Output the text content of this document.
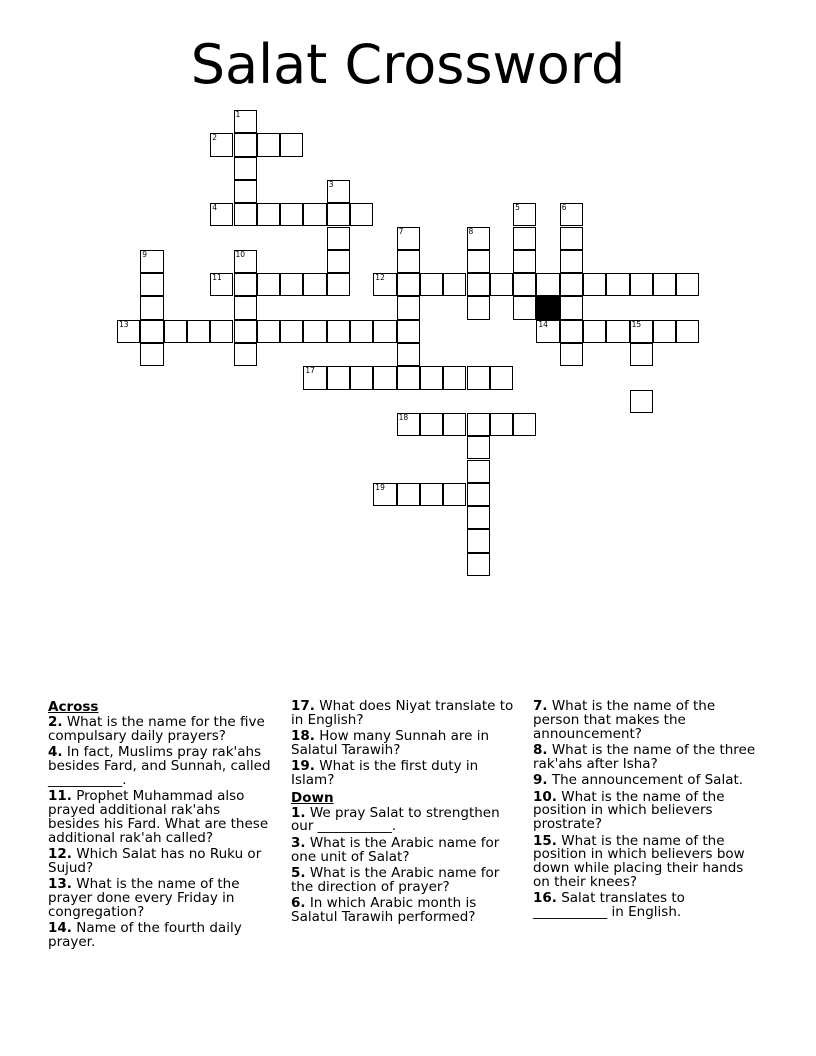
Salat Crossword
1
2
3
4	5	6
7	8
9	10
11	12
13	14	15
17
18
19
Across
2. What is the name for the five compulsary daily prayers?
4. In fact, Muslims pray rak'ahs besides Fard, and Sunnah, called ___________.
11. Prophet Muhammad also prayed additional rak'ahs besides his Fard. What are these additional rak'ah called?
12. Which Salat has no Ruku or Sujud?
13. What is the name of the prayer done every Friday in congregation?
14. Name of the fourth daily prayer.
17. What does Niyat translate to in English?
18. How many Sunnah are in Salatul Tarawih?
19. What is the first duty in Islam?
Down
1. We pray Salat to strengthen our ___________.
3. What is the Arabic name for one unit of Salat?
5. What is the Arabic name for the direction of prayer?
6. In which Arabic month is Salatul Tarawih performed?
7. What is the name of the person that makes the announcement?
8. What is the name of the three rak'ahs after Isha?
9. The announcement of Salat.
10. What is the name of the position in which believers prostrate?
15. What is the name of the position in which believers bow down while placing their hands on their knees?
16. Salat translates to ___________ in English.
